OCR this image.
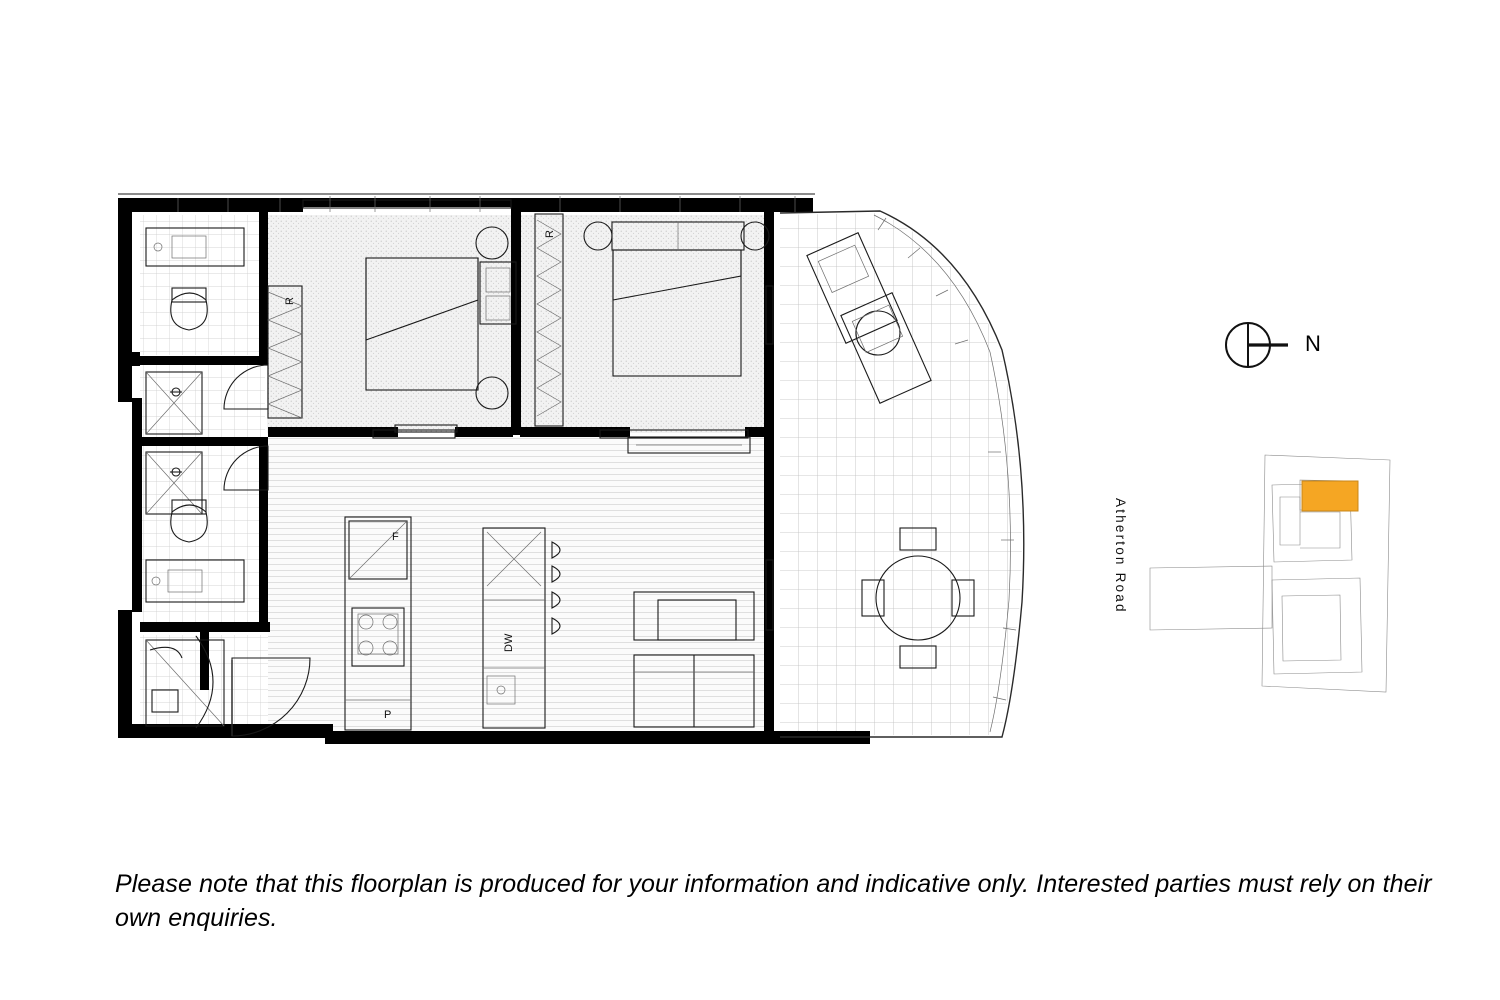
R
R
F
P
DW
Atherton Road
N
Please note that this floorplan is produced for your information and indicative only. Interested parties must rely on their own enquiries.
